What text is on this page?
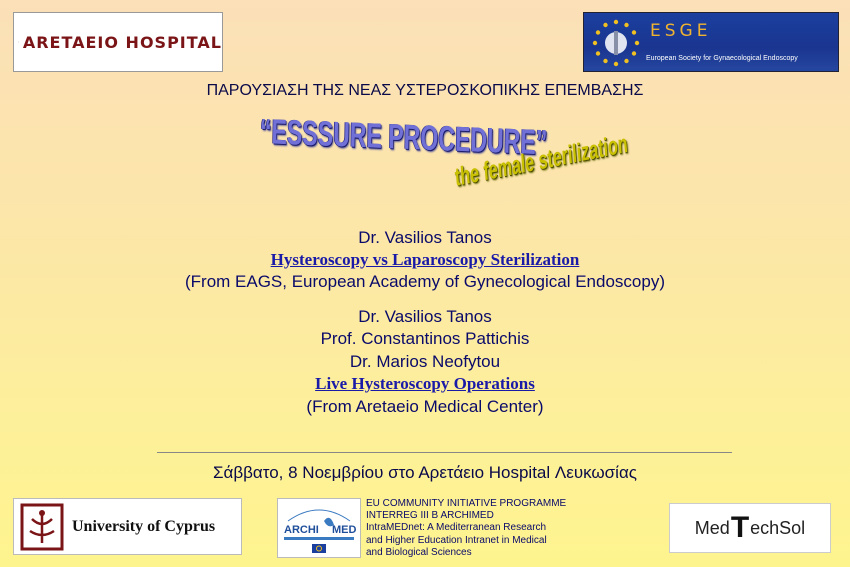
ΑRETAEIO HOSPITAL
ESGE
European Society for Gynaecological Endoscopy
ΠΑΡΟΥΣΙΑΣΗ ΤΗΣ ΝΕΑΣ ΥΣΤΕΡΟΣΚΟΠΙΚΗΣ ΕΠΕΜΒΑΣΗΣ
“ESSSURE PROCEDURE”
the female sterilization
Dr. Vasilios Tanos
Hysteroscopy vs Laparoscopy Sterilization
(From EAGS, European Academy of Gynecological Endoscopy)
Dr. Vasilios Tanos
Prof. Constantinos Pattichis
Dr. Marios Neofytou
Live Hysteroscopy Operations
(From Aretaeio Medical Center)
Σάββατο, 8 Νοεμβρίου στο Αρετάειο Hospital Λευκωσίας
University of Cyprus	ARCHI MED
EU COMMUNITY INITIATIVE PROGRAMME
INTERREG III B ARCHIMED
IntraMEDnet: A Mediterranean Research
and Higher Education Intranet in Medical
and Biological Sciences
Med T echSol
